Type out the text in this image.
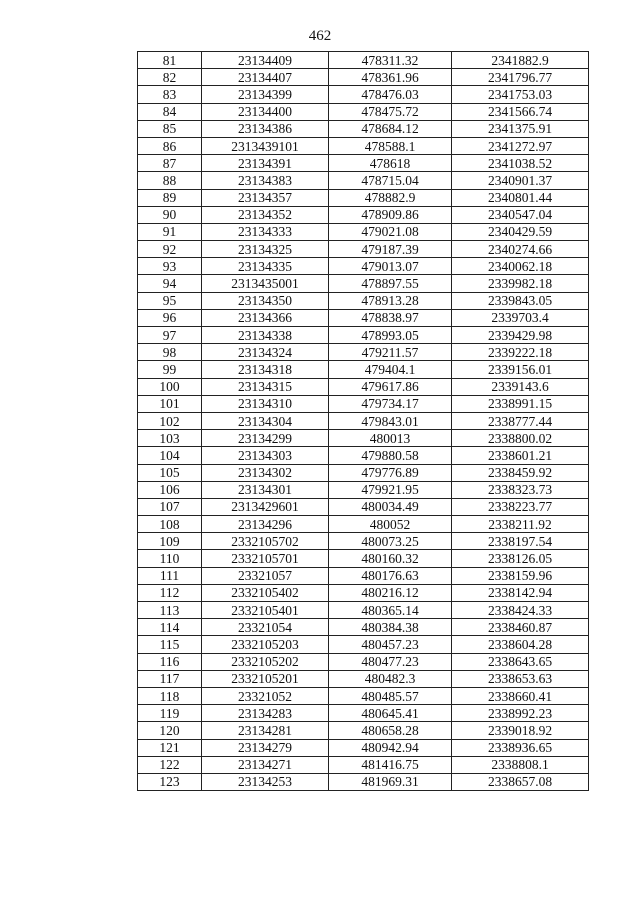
462
81	23134409	478311.32	2341882.9
82	23134407	478361.96	2341796.77
83	23134399	478476.03	2341753.03
84	23134400	478475.72	2341566.74
85	23134386	478684.12	2341375.91
86	2313439101	478588.1	2341272.97
87	23134391	478618	2341038.52
88	23134383	478715.04	2340901.37
89	23134357	478882.9	2340801.44
90	23134352	478909.86	2340547.04
91	23134333	479021.08	2340429.59
92	23134325	479187.39	2340274.66
93	23134335	479013.07	2340062.18
94	2313435001	478897.55	2339982.18
95	23134350	478913.28	2339843.05
96	23134366	478838.97	2339703.4
97	23134338	478993.05	2339429.98
98	23134324	479211.57	2339222.18
99	23134318	479404.1	2339156.01
100	23134315	479617.86	2339143.6
101	23134310	479734.17	2338991.15
102	23134304	479843.01	2338777.44
103	23134299	480013	2338800.02
104	23134303	479880.58	2338601.21
105	23134302	479776.89	2338459.92
106	23134301	479921.95	2338323.73
107	2313429601	480034.49	2338223.77
108	23134296	480052	2338211.92
109	2332105702	480073.25	2338197.54
110	2332105701	480160.32	2338126.05
111	23321057	480176.63	2338159.96
112	2332105402	480216.12	2338142.94
113	2332105401	480365.14	2338424.33
114	23321054	480384.38	2338460.87
115	2332105203	480457.23	2338604.28
116	2332105202	480477.23	2338643.65
117	2332105201	480482.3	2338653.63
118	23321052	480485.57	2338660.41
119	23134283	480645.41	2338992.23
120	23134281	480658.28	2339018.92
121	23134279	480942.94	2338936.65
122	23134271	481416.75	2338808.1
123	23134253	481969.31	2338657.08
